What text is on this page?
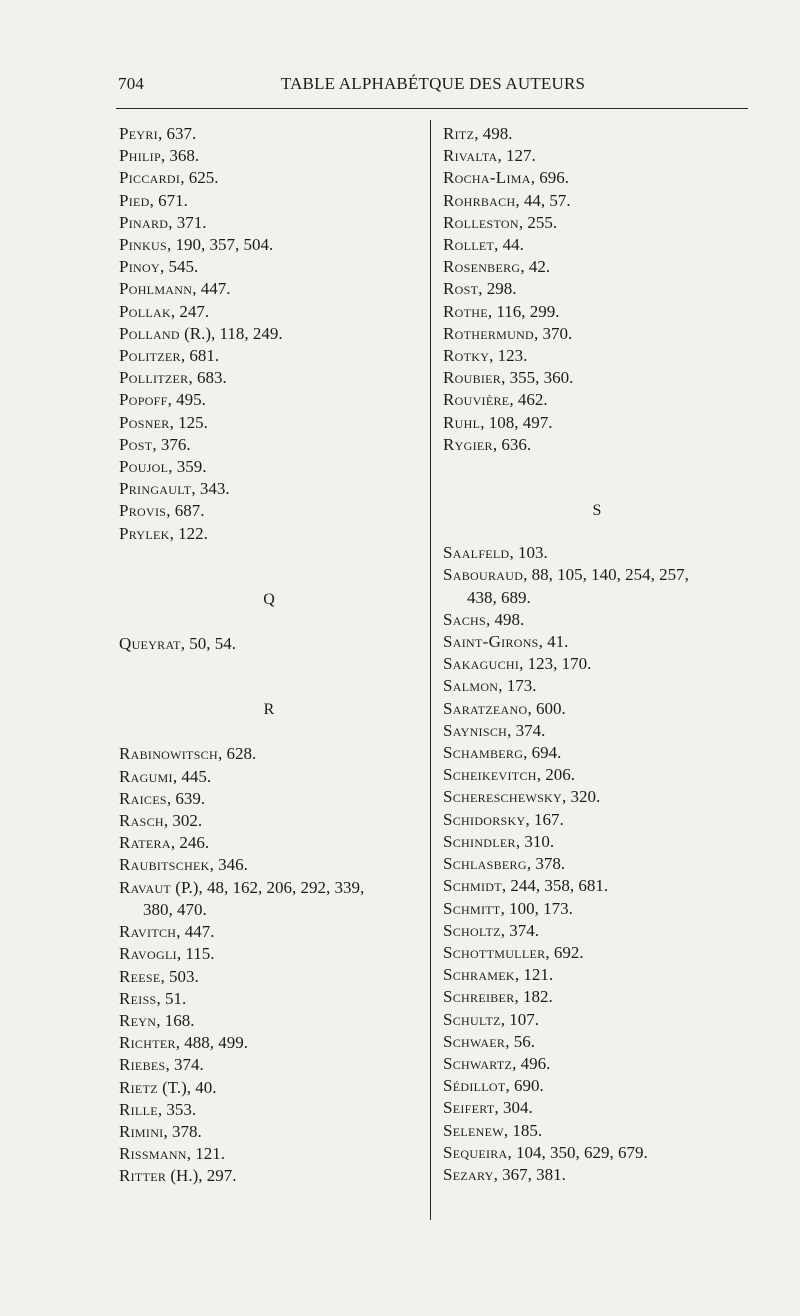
704	TABLE ALPHABÉTQUE DES AUTEURS

Peyri, 637.

Philip, 368.

Piccardi, 625.

Pied, 671.

Pinard, 371.

Pinkus, 190, 357, 504.

Pinoy, 545.

Pohlmann, 447.

Pollak, 247.

Polland (R.), 118, 249.

Politzer, 681.

Pollitzer, 683.

Popoff, 495.

Posner, 125.

Post, 376.

Poujol, 359.

Pringault, 343.

Provis, 687.

Prylek, 122.

Q

Queyrat, 50, 54.

R

Rabinowitsch, 628.

Ragumi, 445.

Raices, 639.

Rasch, 302.

Ratera, 246.

Raubitschek, 346.

Ravaut (P.), 48, 162, 206, 292, 339,
380, 470.

Ravitch, 447.

Ravogli, 115.

Reese, 503.

Reiss, 51.

Reyn, 168.

Richter, 488, 499.

Riebes, 374.

Rietz (T.), 40.

Rille, 353.

Rimini, 378.

Rissmann, 121.

Ritter (H.), 297.

Ritz, 498.

Rivalta, 127.

Rocha-Lima, 696.

Rohrbach, 44, 57.

Rolleston, 255.

Rollet, 44.

Rosenberg, 42.

Rost, 298.

Rothe, 116, 299.

Rothermund, 370.

Rotky, 123.

Roubier, 355, 360.

Rouvière, 462.

Ruhl, 108, 497.

Rygier, 636.

S

Saalfeld, 103.

Sabouraud, 88, 105, 140, 254, 257,
438, 689.

Sachs, 498.

Saint-Girons, 41.

Sakaguchi, 123, 170.

Salmon, 173.

Saratzeano, 600.

Saynisch, 374.

Schamberg, 694.

Scheikevitch, 206.

Schereschewsky, 320.

Schidorsky, 167.

Schindler, 310.

Schlasberg, 378.

Schmidt, 244, 358, 681.

Schmitt, 100, 173.

Scholtz, 374.

Schottmuller, 692.

Schramek, 121.

Schreiber, 182.

Schultz, 107.

Schwaer, 56.

Schwartz, 496.

Sédillot, 690.

Seifert, 304.

Selenew, 185.

Sequeira, 104, 350, 629, 679.

Sezary, 367, 381.
